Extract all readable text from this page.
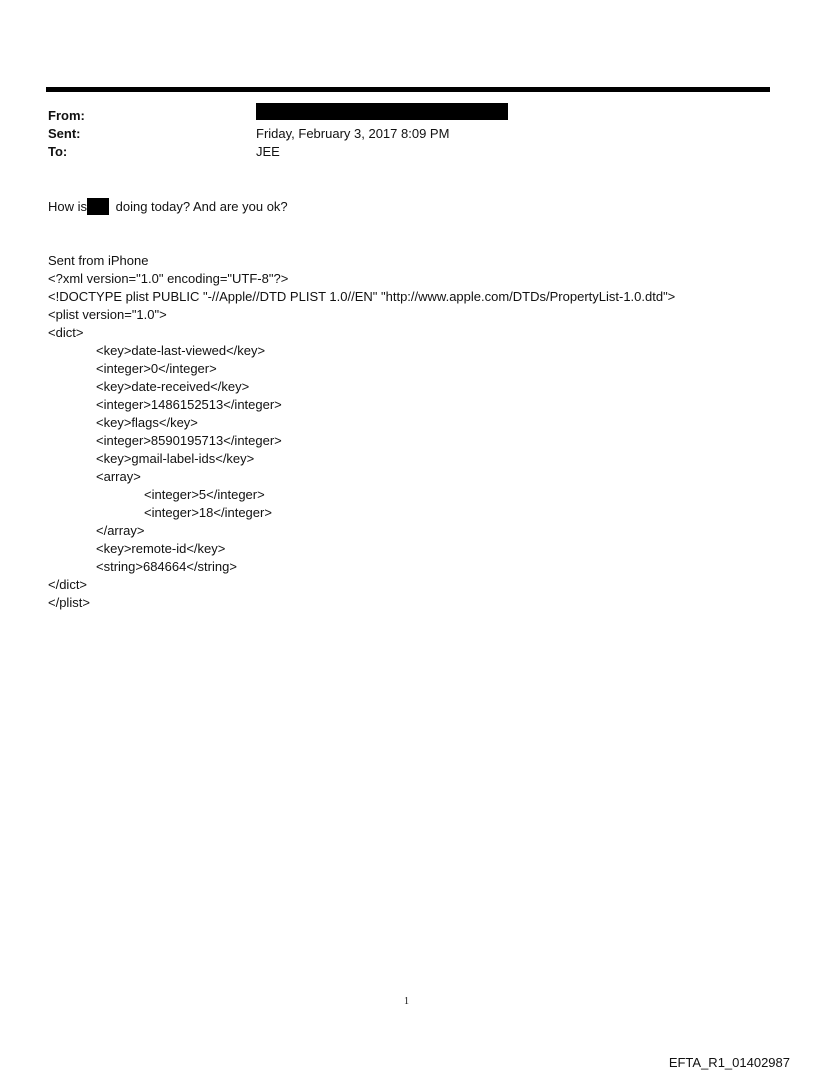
From:
Sent:	Friday, February 3, 2017 8:09 PM
To:	JEE
How is doing today? And are you ok?
Sent from iPhone
<?xml version="1.0" encoding="UTF-8"?>
<!DOCTYPE plist PUBLIC "-//Apple//DTD PLIST 1.0//EN" "http://www.apple.com/DTDs/PropertyList-1.0.dtd">
<plist version="1.0">
<dict>
<key>date-last-viewed</key>
<integer>0</integer>
<key>date-received</key>
<integer>1486152513</integer>
<key>flags</key>
<integer>8590195713</integer>
<key>gmail-label-ids</key>
<array>
<integer>5</integer>
<integer>18</integer>
</array>
<key>remote-id</key>
<string>684664</string>
</dict>
</plist>
1
EFTA_R1_01402987
